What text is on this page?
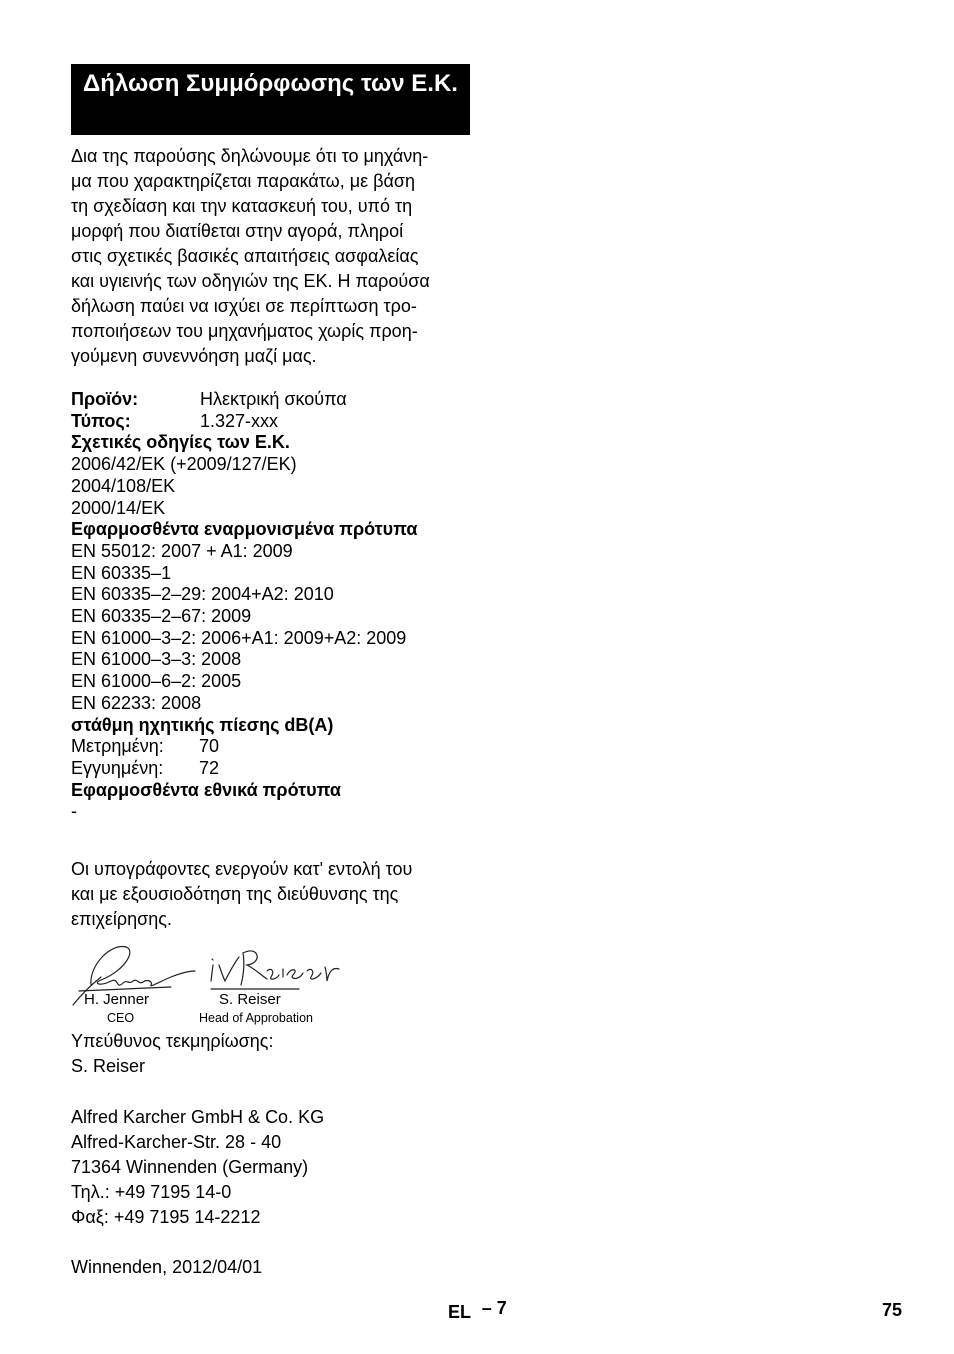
Δήλωση Συμμόρφωσης των Ε.Κ.
Δια της παρούσης δηλώνουμε ότι το μηχάνη-
μα που χαρακτηρίζεται παρακάτω, με βάση
τη σχεδίαση και την κατασκευή του, υπό τη
μορφή που διατίθεται στην αγορά, πληροί
στις σχετικές βασικές απαιτήσεις ασφαλείας
και υγιεινής των οδηγιών της ΕΚ. Η παρούσα
δήλωση παύει να ισχύει σε περίπτωση τρο-
ποποιήσεων του μηχανήματος χωρίς προη-
γούμενη συνεννόηση μαζί μας.
Προϊόν:	Ηλεκτρική σκούπα
Τύπος:	1.327-xxx
Σχετικές οδηγίες των Ε.Κ.
2006/42/EK (+2009/127/EK)
2004/108/EK
2000/14/EK
Εφαρμοσθέντα εναρμονισμένα πρότυπα
EN 55012: 2007 + A1: 2009
EN 60335–1
EN 60335–2–29: 2004+A2: 2010
EN 60335–2–67: 2009
EN 61000–3–2: 2006+A1: 2009+A2: 2009
EN 61000–3–3: 2008
EN 61000–6–2: 2005
EN 62233: 2008
στάθμη ηχητικής πίεσης dB(A)
Μετρημένη: 70
Εγγυημένη: 72
Εφαρμοσθέντα εθνικά πρότυπα
-
Οι υπογράφοντες ενεργούν κατ' εντολή του
και με εξουσιοδότηση της διεύθυνσης της
επιχείρησης.
H. Jenner
CEO
S. Reiser
Head of Approbation
Υπεύθυνος τεκμηρίωσης:
S. Reiser
Alfred Karcher GmbH & Co. KG
Alfred-Karcher-Str. 28 - 40
71364 Winnenden (Germany)
Τηλ.: +49 7195 14-0
Φαξ: +49 7195 14-2212
Winnenden, 2012/04/01
EL – 7	75
